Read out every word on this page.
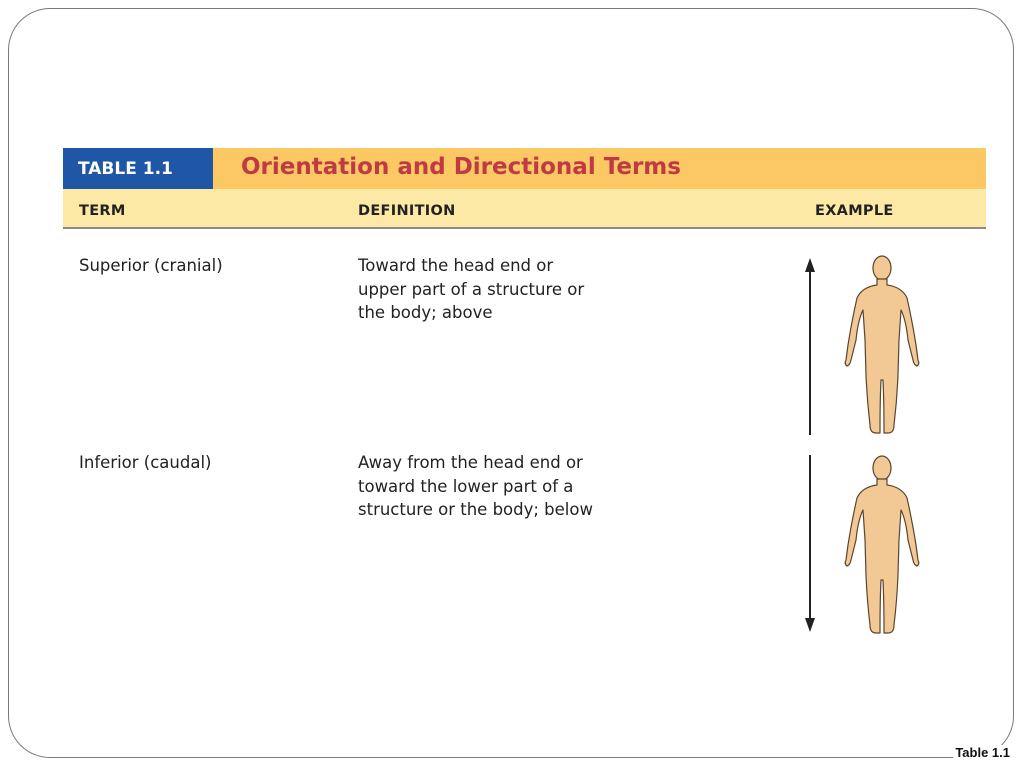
TABLE 1.1	Orientation and Directional Terms
TERM	DEFINITION	EXAMPLE
Superior (cranial)	Toward the head end or
upper part of a structure or
the body; above
Inferior (caudal)	Away from the head end or
toward the lower part of a
structure or the body; below
Table 1.1
